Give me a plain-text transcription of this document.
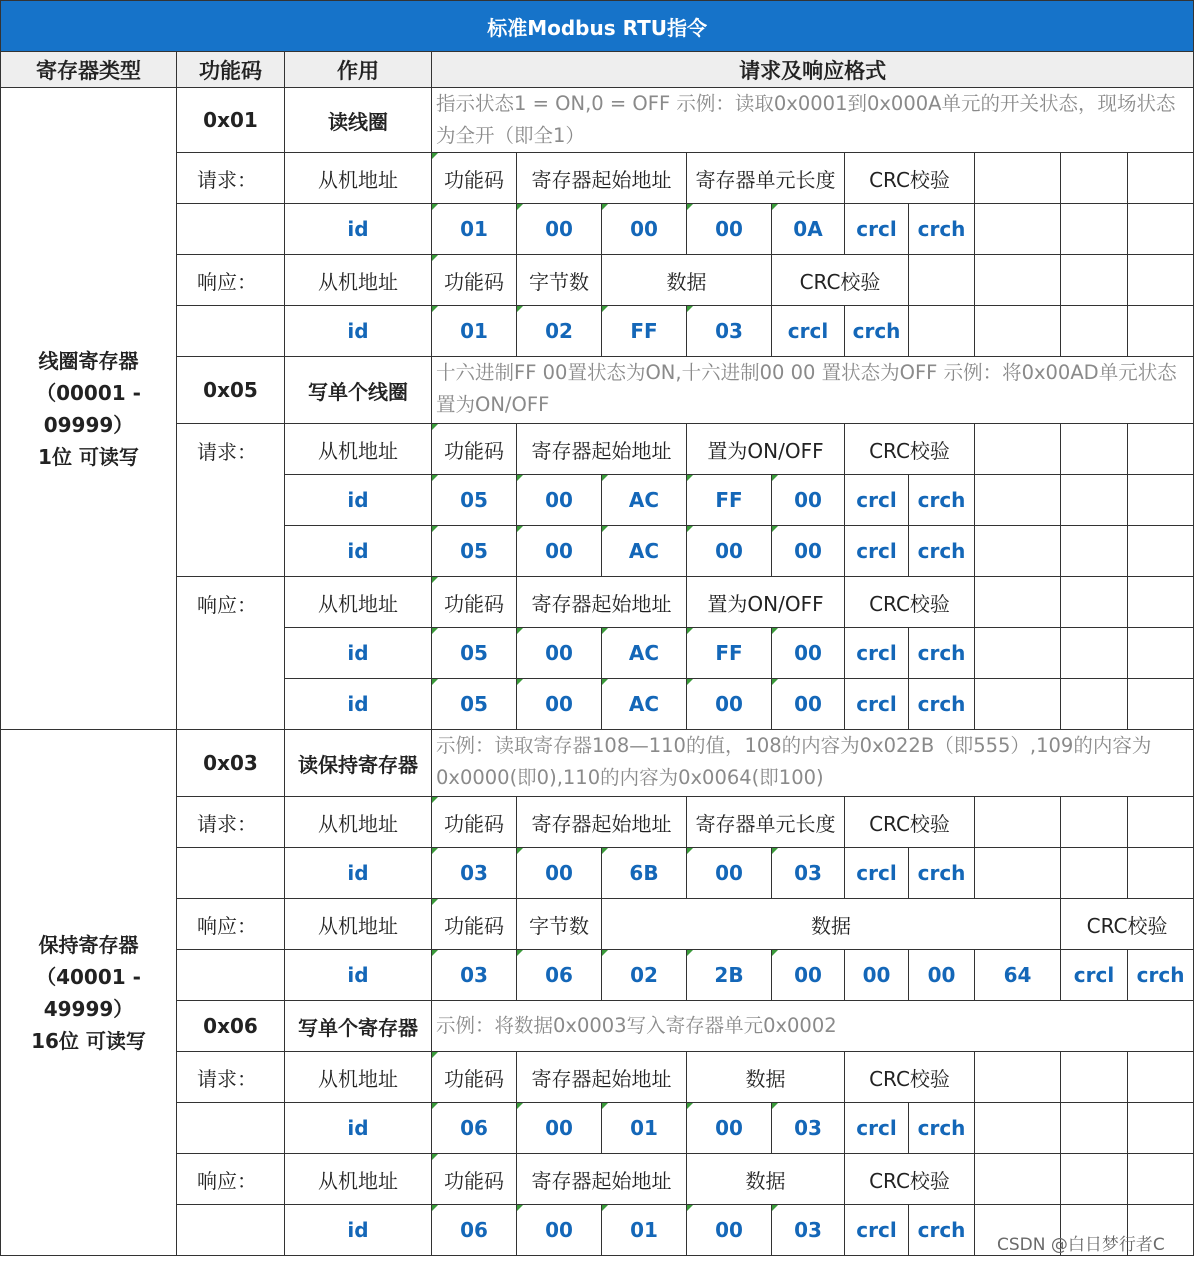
标准Modbus RTU指令												
寄存器类型	功能码	作用	请求及响应格式									
线圈寄存器
（00001 -
09999）
1位 可读写	0x01	读线圈	指示状态1 = ON,0 = OFF 示例：读取0x0001到0x000A单元的开关状态，现场状态为全开（即全1）									
	请求：	从机地址	功能码	寄存器起始地址		寄存器单元长度		CRC校验				
		id	01	00	00	00	0A	crcl	crch			
	响应：	从机地址	功能码	字节数	数据		CRC校验					
		id	01	02	FF	03	crcl	crch				
	0x05	写单个线圈	十六进制FF 00置状态为ON,十六进制00 00 置状态为OFF 示例：将0x00AD单元状态置为ON/OFF									
	请求：	从机地址	功能码	寄存器起始地址		置为ON/OFF		CRC校验				
		id	05	00	AC	FF	00	crcl	crch			
		id	05	00	AC	00	00	crcl	crch			
	响应：	从机地址	功能码	寄存器起始地址		置为ON/OFF		CRC校验				
		id	05	00	AC	FF	00	crcl	crch			
		id	05	00	AC	00	00	crcl	crch			
保持寄存器
（40001 -
49999）
16位 可读写	0x03	读保持寄存器	示例：读取寄存器108—110的值，108的内容为0x022B（即555）,109的内容为0x0000(即0),110的内容为0x0064(即100)									
	请求：	从机地址	功能码	寄存器起始地址		寄存器单元长度		CRC校验				
		id	03	00	6B	00	03	crcl	crch			
	响应：	从机地址	功能码	字节数	数据						CRC校验	
		id	03	06	02	2B	00	00	00	64	crcl	crch
	0x06	写单个寄存器	示例：将数据0x0003写入寄存器单元0x0002									
	请求：	从机地址	功能码	寄存器起始地址		数据		CRC校验				
		id	06	00	01	00	03	crcl	crch			
	响应：	从机地址	功能码	寄存器起始地址		数据		CRC校验				
		id	06	00	01	00	03	crcl	crch			
CSDN @白日梦行者C
